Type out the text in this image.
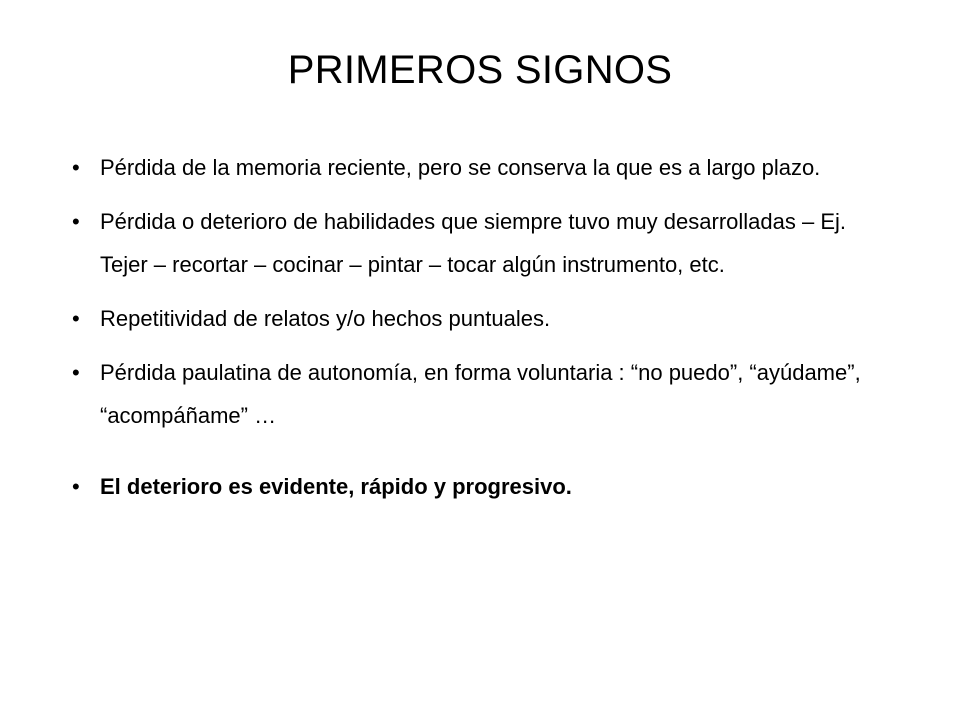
PRIMEROS SIGNOS
• Pérdida de la memoria reciente, pero se conserva la que es a largo plazo.
• Pérdida o deterioro de habilidades que siempre tuvo muy desarrolladas – Ej. Tejer – recortar – cocinar – pintar – tocar algún instrumento, etc.
• Repetitividad de relatos y/o hechos puntuales.
• Pérdida paulatina de autonomía, en forma voluntaria : “no puedo”, “ayúdame”, “acompáñame” …
• El deterioro es evidente, rápido y progresivo.
